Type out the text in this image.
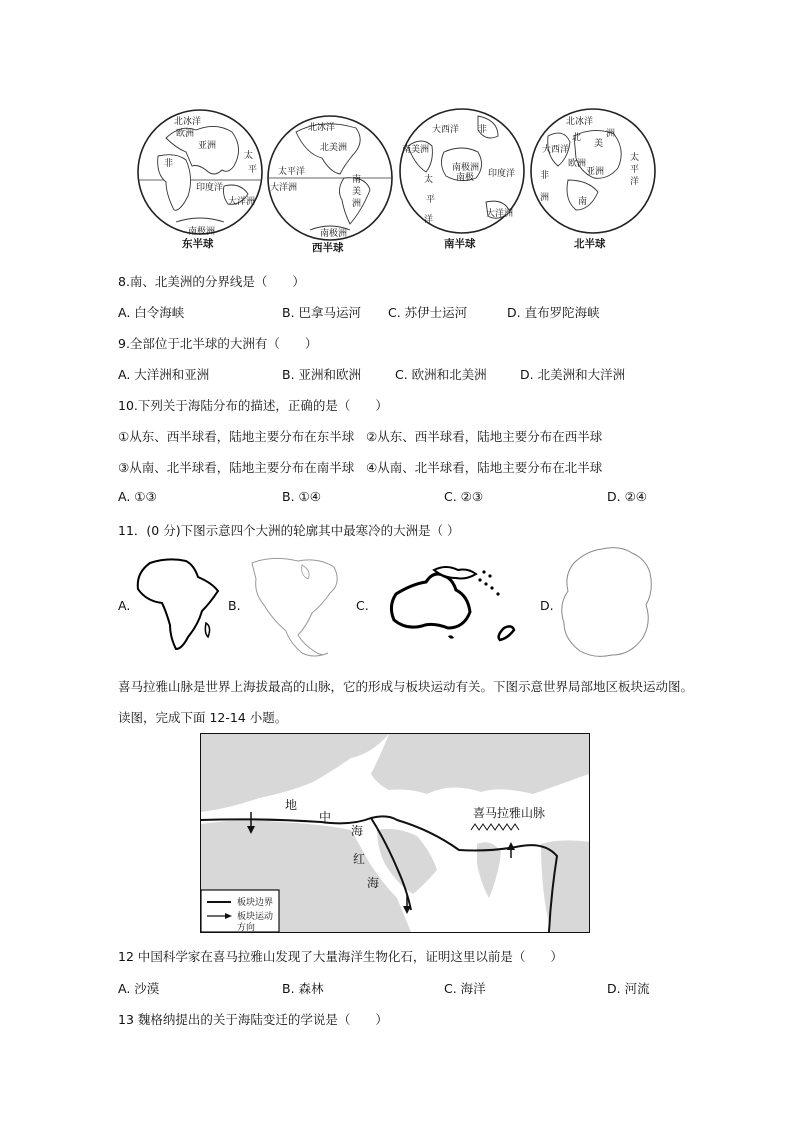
北冰洋
欧洲
亚洲
非
太
平
印度洋
大洋洲
南极洲
东半球
北冰洋
北美洲
太平洋
南
美
洲
大洋洲
南极洲
西半球
大西洋 非
南美洲
南极洲
南极 印度洋
太
平
洋
大洋洲
南半球
北冰洋
大西洋
欧洲
北
美
洲
非
洲
亚洲
南
太
平
洋
北半球
8.南、北美洲的分界线是（　　）
A. 白令海峡	B. 巴拿马运河 C. 苏伊士运河	D. 直布罗陀海峡
9.全部位于北半球的大洲有（　　）
A. 大洋洲和亚洲	B. 亚洲和欧洲	C. 欧洲和北美洲	D. 北美洲和大洋洲
10.下列关于海陆分布的描述，正确的是（　　）
①从东、西半球看，陆地主要分布在东半球 ②从东、西半球看，陆地主要分布在西半球
③从南、北半球看，陆地主要分布在南半球 ④从南、北半球看，陆地主要分布在北半球
A. ①③	B. ①④	C. ②③	D. ②④
11．(0 分)下图示意四个大洲的轮廓其中最寒冷的大洲是（ ）
A.	B.	C.	D.
喜马拉雅山脉是世界上海拔最高的山脉，它的形成与板块运动有关。下图示意世界局部地区板块运动图。
读图，完成下面 12-14 小题。
地
中
海
红
海
喜马拉雅山脉
板块边界
板块运动
方向
12 中国科学家在喜马拉雅山发现了大量海洋生物化石，证明这里以前是（　　）
A. 沙漠	B. 森林	C. 海洋	D. 河流
13 魏格纳提出的关于海陆变迁的学说是（　　）
